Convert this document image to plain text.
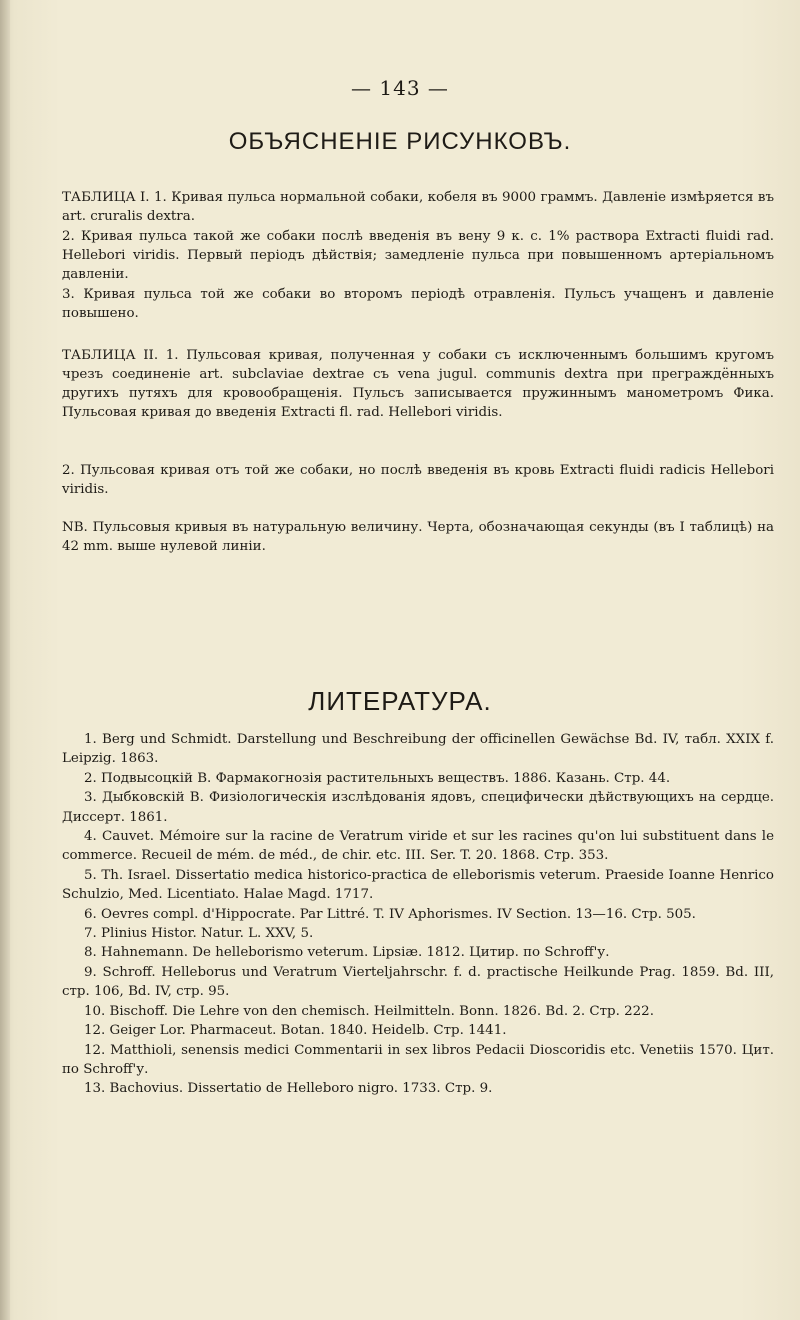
— 143 —
ОБЪЯСНЕНІЕ РИСУНКОВЪ.

ТАБЛИЦА I. 1. Кривая пульса нормальной собаки, кобеля въ 9000 граммъ. Давленіе измѣряется въ art. cruralis dextra.

2. Кривая пульса такой же собаки послѣ введенія въ вену 9 к. с. 1% раствора Extracti fluidi rad. Hellebori viridis. Первый періодъ дѣйствія; замедленіе пульса при повышенномъ артеріальномъ давленіи.

3. Кривая пульса той же собаки во второмъ періодѣ отравленія. Пульсъ учащенъ и давленіе повышено.

ТАБЛИЦА II. 1. Пульсовая кривая, полученная у собаки съ исключеннымъ большимъ кругомъ чрезъ соединеніе art. subclaviae dextrae съ vena jugul. communis dextra при преграждённыхъ другихъ путяхъ для кровообращенія. Пульсъ записывается пружиннымъ манометромъ Фика. Пульсовая кривая до введенія Extracti fl. rad. Hellebori viridis.

2. Пульсовая кривая отъ той же собаки, но послѣ введенія въ кровь Extracti fluidi radicis Hellebori viridis.

NB. Пульсовыя кривыя въ натуральную величину. Черта, обозначающая секунды (въ I таблицѣ) на 42 mm. выше нулевой линіи.

ЛИТЕРАТУРА.
1. Berg und Schmidt. Darstellung und Beschreibung der officinellen Gewächse Bd. IV, табл. XXIX f. Leipzig. 1863.
2. Подвысоцкій В. Фармакогнозія растительныхъ веществъ. 1886. Казань. Стр. 44.
3. Дыбковскій В. Физіологическія изслѣдованія ядовъ, специфически дѣйствующихъ на сердце. Диссерт. 1861.
4. Cauvet. Mémoire sur la racine de Veratrum viride et sur les racines qu'on lui substituent dans le commerce. Recueil de mém. de méd., de chir. etc. III. Ser. T. 20. 1868. Стр. 353.
5. Th. Israel. Dissertatio medica historico-practica de elleborismis veterum. Praeside Ioanne Henrico Schulzio, Med. Licentiato. Halae Magd. 1717.
6. Oevres compl. d'Hippocrate. Par Littré. T. IV Aphorismes. IV Section. 13—16. Стр. 505.
7. Plinius Histor. Natur. L. XXV, 5.
8. Hahnemann. De helleborismo veterum. Lipsiæ. 1812. Цитир. по Schroff'у.
9. Schroff. Helleborus und Veratrum Vierteljahrschr. f. d. practische Heilkunde Prag. 1859. Bd. III, стр. 106, Bd. IV, стр. 95.
10. Bischoff. Die Lehre von den chemisch. Heilmitteln. Bonn. 1826. Bd. 2. Стр. 222.
12. Geiger Lor. Pharmaceut. Botan. 1840. Heidelb. Стр. 1441.
12. Matthioli, senensis medici Commentarii in sex libros Pedacii Dioscoridis etc. Venetiis 1570. Цит. по Schroff'у.
13. Bachovius. Dissertatio de Helleboro nigro. 1733. Стр. 9.
